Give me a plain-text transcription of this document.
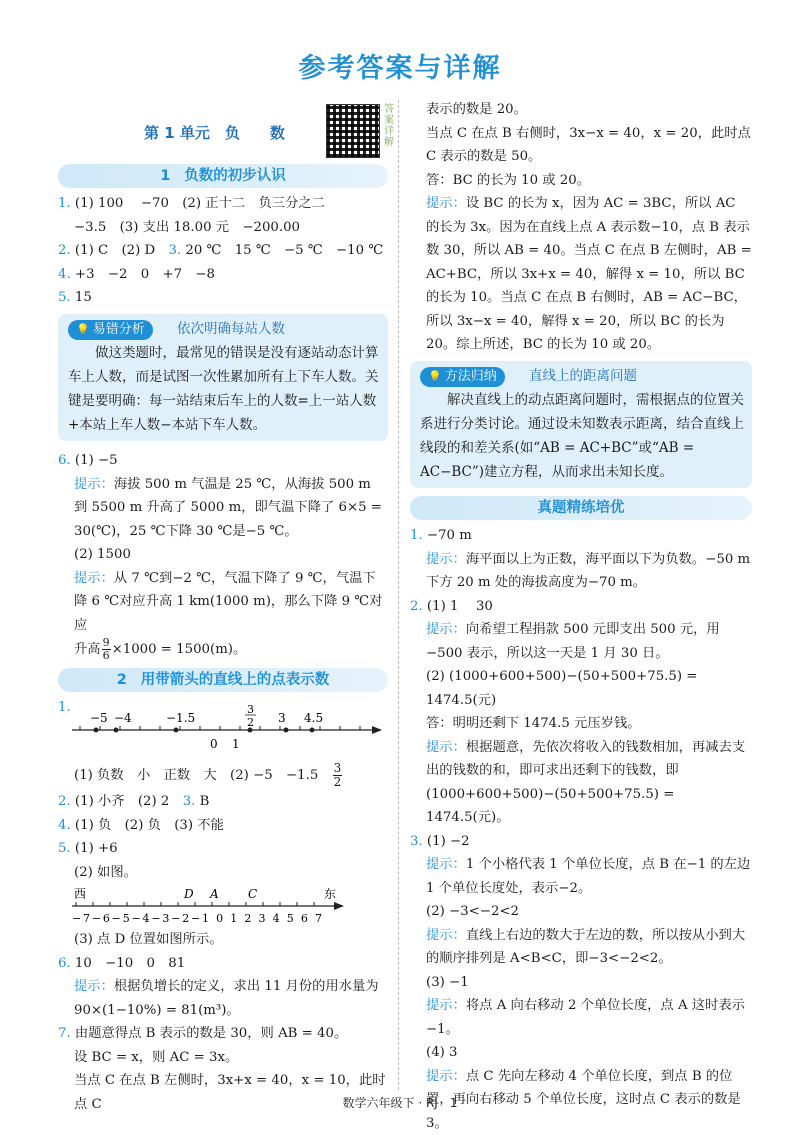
参考答案与详解
第 1 单元　负　　数
答案详解
1 负数的初步认识
1. (1) 100　 −70　(2) 正十二　负三分之二
−3.5　(3) 支出 18.00 元　−200.00
2. (1) C　(2) D　 3. 20 ℃　15 ℃　−5 ℃　−10 ℃
4. +3　−2　0　+7　−8
5. 15
💡 易错分析 依次明确每站人数
做这类题时，最常见的错误是没有逐站动态计算车上人数，而是试图一次性累加所有上下车人数。关键是要明确：每一站结束后车上的人数=上一站人数+本站上车人数−本站下车人数。
6. (1) −5
提示：海拔 500 m 气温是 25 ℃，从海拔 500 m 到 5500 m 升高了 5000 m，即气温下降了 6×5 = 30(℃)，25 ℃下降 30 ℃是−5 ℃。
(2) 1500
提示：从 7 ℃到−2 ℃，气温下降了 9 ℃，气温下降 6 ℃对应升高 1 km(1000 m)，那么下降 9 ℃对应
升高 $\frac{9}{6} \times 1000 = 1500(m)$。
2 用带箭头的直线上的点表示数
1.
−5 −4	−1.5
3
2 3 4.5
0 1
(1) 负数　小　正数　大　(2) −5　−1.5　 $\frac{3}{2}$
2. (1) 小齐　(2) 2　 3. B
4. (1) 负　(2) 负　(3) 不能
5. (1) +6
(2) 如图。
西	东
D A C
−7−6−5−4−3−2−1 0 1 2 3 4 5 6 7
(3) 点 D 位置如图所示。
6. 10　−10　0　81
提示：根据负增长的定义，求出 11 月份的用水量为 90×(1−10%) = 81(m³)。
7. 由题意得点 B 表示的数是 30，则 AB = 40。
设 BC = x，则 AC = 3x。
当点 C 在点 B 左侧时，3x+x = 40，x = 10，此时点 C
表示的数是 20。
当点 C 在点 B 右侧时，3x−x = 40，x = 20，此时点 C 表示的数是 50。
答：BC 的长为 10 或 20。
提示：设 BC 的长为 x，因为 AC = 3BC，所以 AC 的长为 3x。因为在直线上点 A 表示数−10，点 B 表示数 30，所以 AB = 40。当点 C 在点 B 左侧时，AB = AC+BC，所以 3x+x = 40，解得 x = 10，所以 BC 的长为 10。当点 C 在点 B 右侧时，AB = AC−BC，所以 3x−x = 40，解得 x = 20，所以 BC 的长为 20。综上所述，BC 的长为 10 或 20。
💡 方法归纳 直线上的距离问题
解决直线上的动点距离问题时，需根据点的位置关系进行分类讨论。通过设未知数表示距离，结合直线上线段的和差关系(如“AB = AC+BC”或“AB = AC−BC”)建立方程，从而求出未知长度。
真题精练培优
1. −70 m
提示：海平面以上为正数，海平面以下为负数。−50 m 下方 20 m 处的海拔高度为−70 m。
2. (1) 1　 30
提示：向希望工程捐款 500 元即支出 500 元，用 −500 表示，所以这一天是 1 月 30 日。
(2) (1000+600+500)−(50+500+75.5) = 1474.5(元)
答：明明还剩下 1474.5 元压岁钱。
提示：根据题意，先依次将收入的钱数相加，再减去支出的钱数的和，即可求出还剩下的钱数，即(1000+600+500)−(50+500+75.5) = 1474.5(元)。
3. (1) −2
提示：1 个小格代表 1 个单位长度，点 B 在−1 的左边 1 个单位长度处，表示−2。
(2) −3<−2<2
提示：直线上右边的数大于左边的数，所以按从小到大的顺序排列是 A<B<C，即−3<−2<2。
(3) −1
提示：将点 A 向右移动 2 个单位长度，点 A 这时表示−1。
(4) 3
提示：点 C 先向左移动 4 个单位长度，到点 B 的位置，再向右移动 5 个单位长度，这时点 C 表示的数是 3。
数学六年级下 · RJ　1
